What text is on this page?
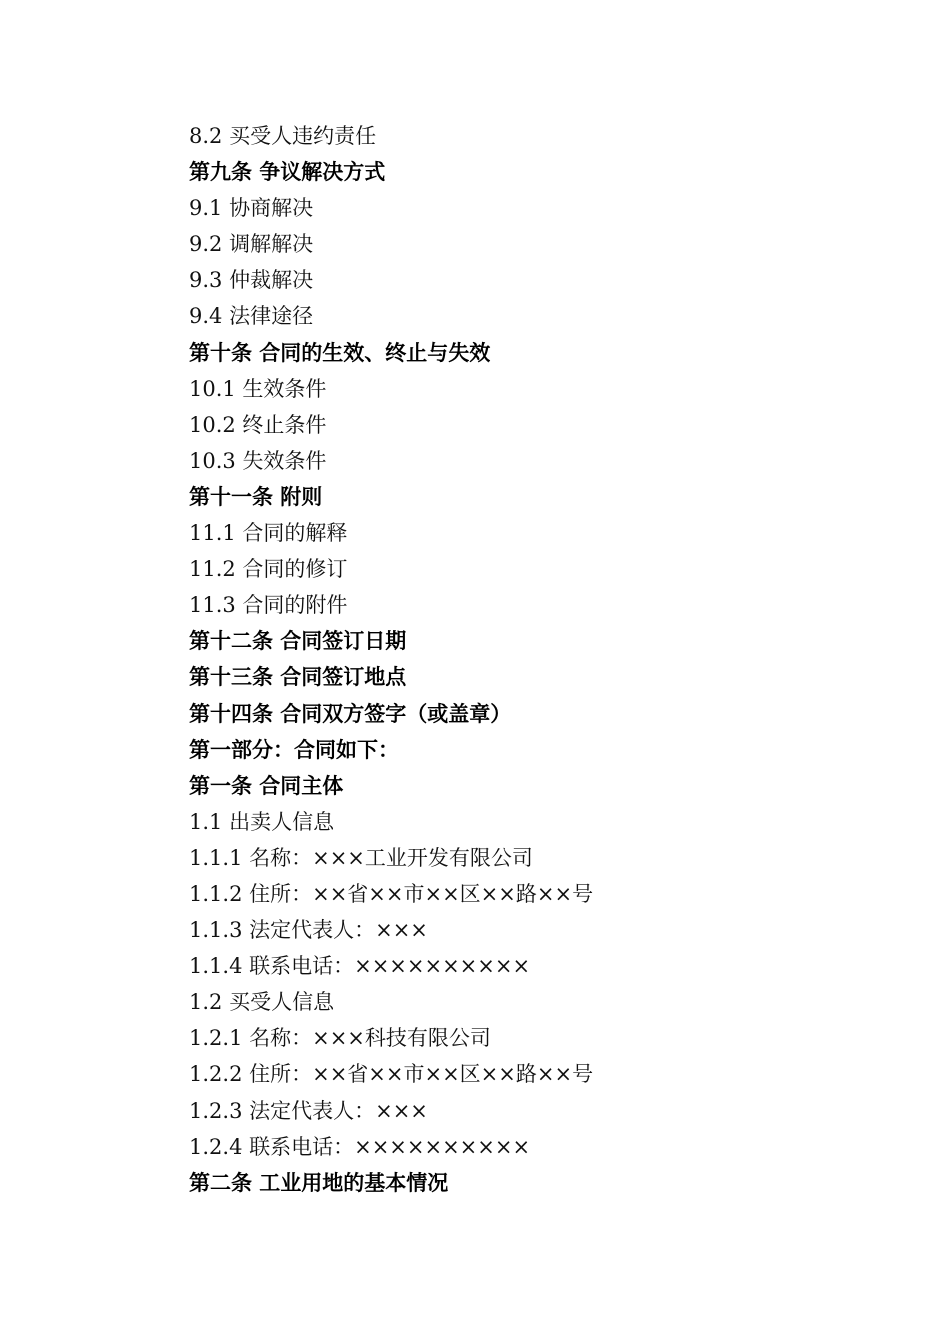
8.2 买受人违约责任
第九条 争议解决方式
9.1 协商解决
9.2 调解解决
9.3 仲裁解决
9.4 法律途径
第十条 合同的生效、终止与失效
10.1 生效条件
10.2 终止条件
10.3 失效条件
第十一条 附则
11.1 合同的解释
11.2 合同的修订
11.3 合同的附件
第十二条 合同签订日期
第十三条 合同签订地点
第十四条 合同双方签字（或盖章）
第一部分：合同如下：
第一条 合同主体
1.1 出卖人信息
1.1.1 名称：×××工业开发有限公司
1.1.2 住所：××省××市××区××路××号
1.1.3 法定代表人：×××
1.1.4 联系电话：××××××××××
1.2 买受人信息
1.2.1 名称：×××科技有限公司
1.2.2 住所：××省××市××区××路××号
1.2.3 法定代表人：×××
1.2.4 联系电话：××××××××××
第二条 工业用地的基本情况
